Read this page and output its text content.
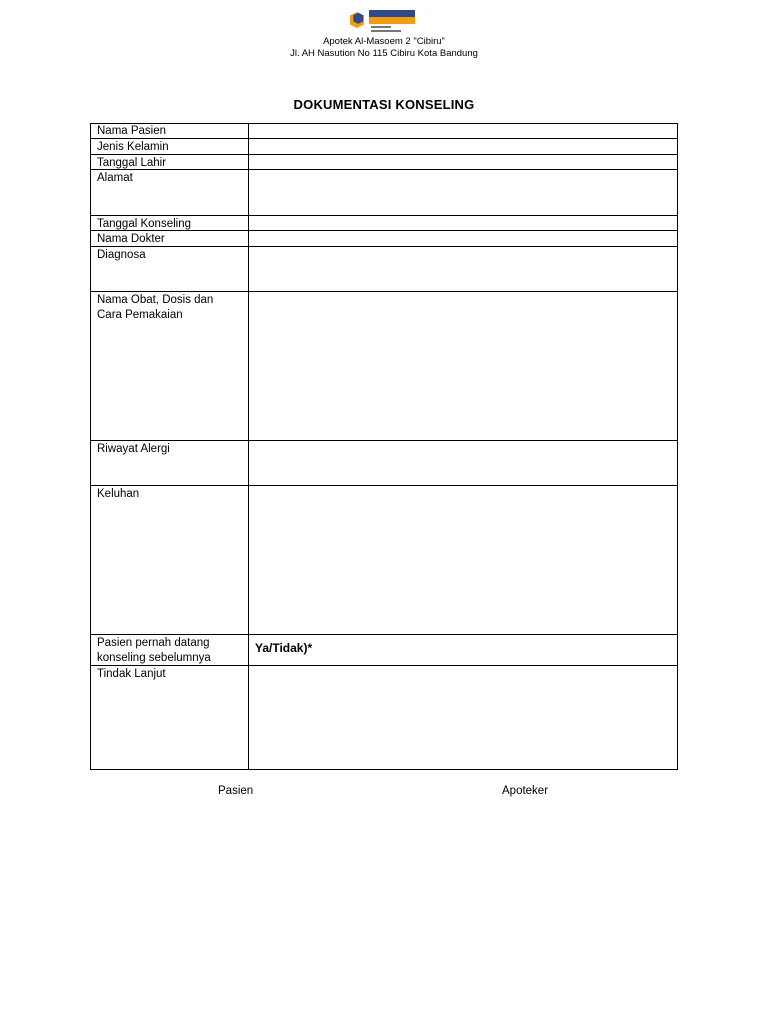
Apotek Al-Masoem 2 "Cibiru"
Jl. AH Nasution No 115 Cibiru Kota Bandung
DOKUMENTASI KONSELING
Nama Pasien
Jenis Kelamin
Tanggal Lahir
Alamat
Tanggal Konseling
Nama Dokter
Diagnosa
Nama Obat, Dosis dan
Cara Pemakaian
Riwayat Alergi
Keluhan
Pasien pernah datang
konseling sebelumnya
Ya/Tidak)*
Tindak Lanjut
Pasien	Apoteker
